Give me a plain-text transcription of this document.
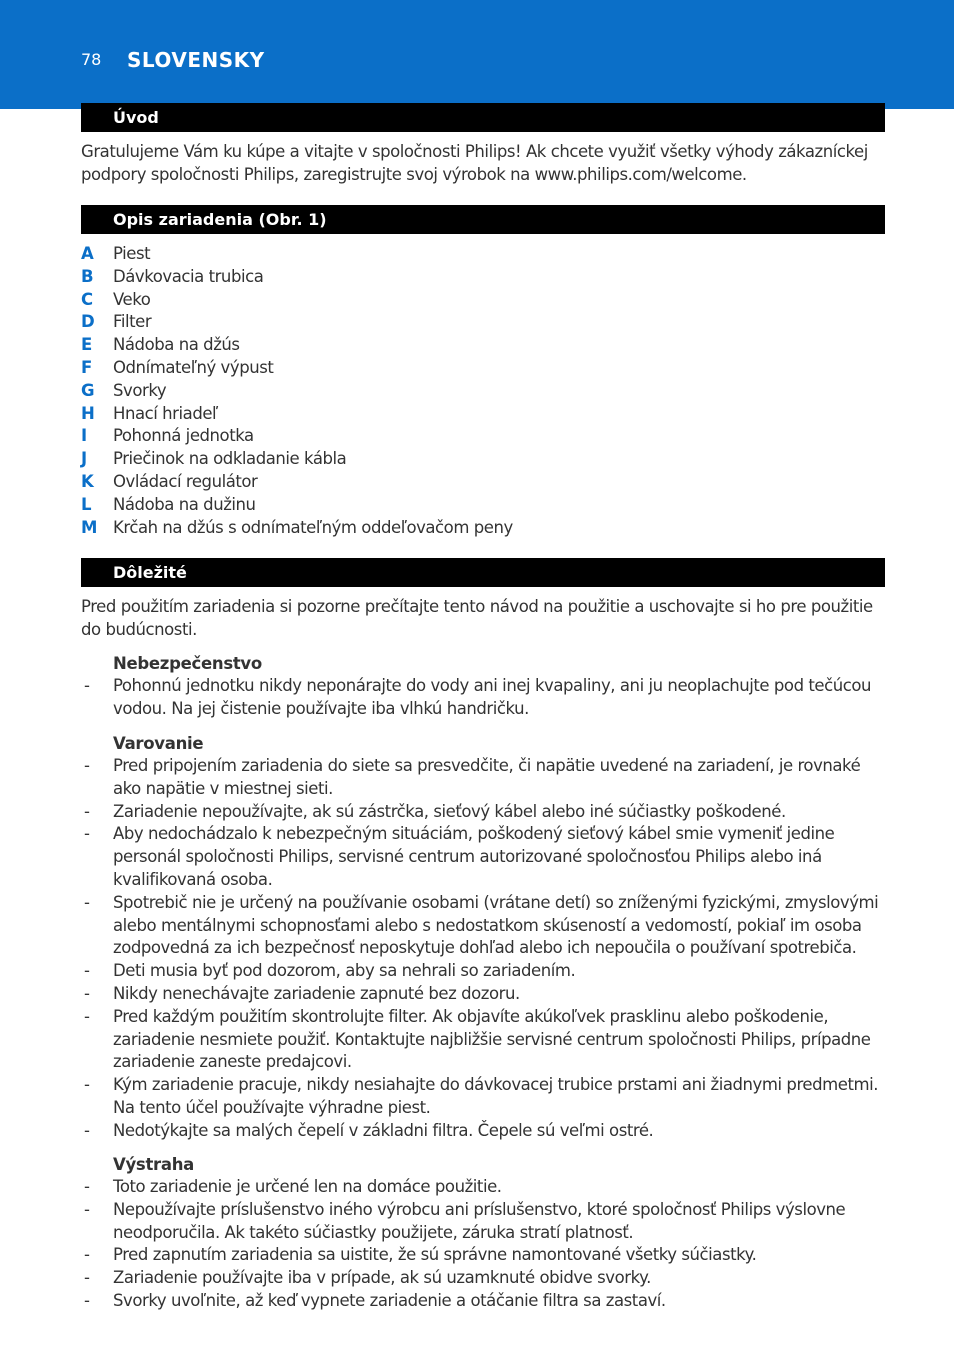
78 SLOVENSKY
Úvod
Gratulujeme Vám ku kúpe a vitajte v spoločnosti Philips! Ak chcete využiť všetky výhody zákazníckej podpory spoločnosti Philips, zaregistrujte svoj výrobok na www.philips.com/welcome.
Opis zariadenia (Obr. 1)
A Piest
B Dávkovacia trubica
C Veko
D Filter
E Nádoba na džús
F Odnímateľný výpust
G Svorky
H Hnací hriadeľ
I Pohonná jednotka
J Priečinok na odkladanie kábla
K Ovládací regulátor
L Nádoba na dužinu
M Krčah na džús s odnímateľným oddeľovačom peny
Dôležité
Pred použitím zariadenia si pozorne prečítajte tento návod na použitie a uschovajte si ho pre použitie do budúcnosti.
Nebezpečenstvo
- Pohonnú jednotku nikdy neponárajte do vody ani inej kvapaliny, ani ju neoplachujte pod tečúcou vodou. Na jej čistenie používajte iba vlhkú handričku.
Varovanie
- Pred pripojením zariadenia do siete sa presvedčite, či napätie uvedené na zariadení, je rovnaké ako napätie v miestnej sieti.
- Zariadenie nepoužívajte, ak sú zástrčka, sieťový kábel alebo iné súčiastky poškodené.
- Aby nedochádzalo k nebezpečným situáciám, poškodený sieťový kábel smie vymeniť jedine personál spoločnosti Philips, servisné centrum autorizované spoločnosťou Philips alebo iná kvalifikovaná osoba.
- Spotrebič nie je určený na používanie osobami (vrátane detí) so zníženými fyzickými, zmyslovými alebo mentálnymi schopnosťami alebo s nedostatkom skúseností a vedomostí, pokiaľ im osoba zodpovedná za ich bezpečnosť neposkytuje dohľad alebo ich nepoučila o používaní spotrebiča.
- Deti musia byť pod dozorom, aby sa nehrali so zariadením.
- Nikdy nenechávajte zariadenie zapnuté bez dozoru.
- Pred každým použitím skontrolujte filter. Ak objavíte akúkoľvek prasklinu alebo poškodenie, zariadenie nesmiete použiť. Kontaktujte najbližšie servisné centrum spoločnosti Philips, prípadne zariadenie zaneste predajcovi.
- Kým zariadenie pracuje, nikdy nesiahajte do dávkovacej trubice prstami ani žiadnymi predmetmi. Na tento účel používajte výhradne piest.
- Nedotýkajte sa malých čepelí v základni filtra. Čepele sú veľmi ostré.
Výstraha
- Toto zariadenie je určené len na domáce použitie.
- Nepoužívajte príslušenstvo iného výrobcu ani príslušenstvo, ktoré spoločnosť Philips výslovne neodporučila. Ak takéto súčiastky použijete, záruka stratí platnosť.
- Pred zapnutím zariadenia sa uistite, že sú správne namontované všetky súčiastky.
- Zariadenie používajte iba v prípade, ak sú uzamknuté obidve svorky.
- Svorky uvoľnite, až keď vypnete zariadenie a otáčanie filtra sa zastaví.
